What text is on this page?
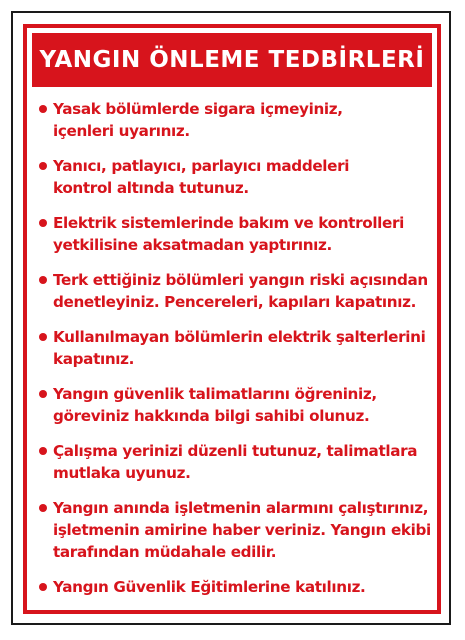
YANGIN ÖNLEME TEDBİRLERİ
Yasak bölümlerde sigara içmeyiniz,
içenleri uyarınız.
Yanıcı, patlayıcı, parlayıcı maddeleri
kontrol altında tutunuz.
Elektrik sistemlerinde bakım ve kontrolleri
yetkilisine aksatmadan yaptırınız.
Terk ettiğiniz bölümleri yangın riski açısından
denetleyiniz. Pencereleri, kapıları kapatınız.
Kullanılmayan bölümlerin elektrik şalterlerini
kapatınız.
Yangın güvenlik talimatlarını öğreniniz,
göreviniz hakkında bilgi sahibi olunuz.
Çalışma yerinizi düzenli tutunuz, talimatlara
mutlaka uyunuz.
Yangın anında işletmenin alarmını çalıştırınız,
işletmenin amirine haber veriniz. Yangın ekibi
tarafından müdahale edilir.
Yangın Güvenlik Eğitimlerine katılınız.
